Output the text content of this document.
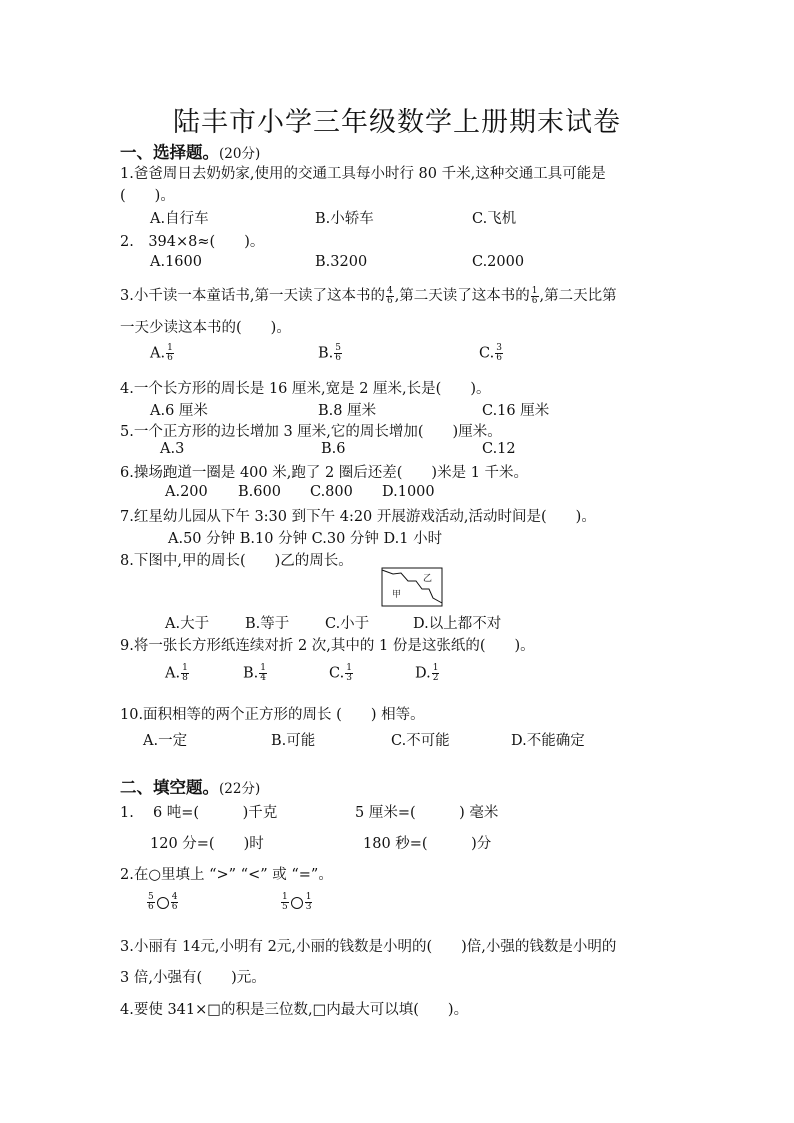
陆丰市小学三年级数学上册期末试卷
一、选择题。(20分)
1.爸爸周日去奶奶家,使用的交通工具每小时行 80 千米,这种交通工具可能是
(　　)。
A.自行车	B.小轿车	C.飞机
2.　394×8≈(　　)。
A.1600	B.3200	C.2000
3.小千读一本童话书,第一天读了这本书的 $\frac{4}{6}$ ,第二天读了这本书的 $\frac{1}{6}$ ,第二天比第
一天少读这本书的(　　)。
A. $\frac{1}{6}$	B. $\frac{5}{6}$	C. $\frac{3}{6}$
4.一个长方形的周长是 16 厘米,宽是 2 厘米,长是(　　)。
A.6 厘米	B.8 厘米	C.16 厘米
5.一个正方形的边长增加 3 厘米,它的周长增加(　　)厘米。
A.3	B.6	C.12
6.操场跑道一圈是 400 米,跑了 2 圈后还差(　　)米是 1 千米。
A.200 B.600 C.800 D.1000
7.红星幼儿园从下午 3:30 到下午 4:20 开展游戏活动,活动时间是(　　)。
A.50 分钟 B.10 分钟 C.30 分钟 D.1 小时
8.下图中,甲的周长(　　)乙的周长。
甲
乙
A.大于 B.等于 C.小于	D.以上都不对
9.将一张长方形纸连续对折 2 次,其中的 1 份是这张纸的(　　)。
A. $\frac{1}{8}$	B. $\frac{1}{4}$	C. $\frac{1}{3}$	D. $\frac{1}{2}$
10.面积相等的两个正方形的周长 (　　) 相等。
A.一定	B.可能	C.不可能	D.不能确定
二、填空题。(22分)
1.　 6 吨=(　　　)千克	5 厘米=(　　　) 毫米
120 分=(　　)时	180 秒=(　　　)分
2.在○里填上 “>” “<” 或 “=”。
$\frac{5}{6} \frac{4}{6}$	$\frac{1}{5} \frac{1}{3}$
3.小丽有 14元,小明有 2元,小丽的钱数是小明的(　　)倍,小强的钱数是小明的
3 倍,小强有(　　)元。
4.要使 341×□的积是三位数,□内最大可以填(　　)。
